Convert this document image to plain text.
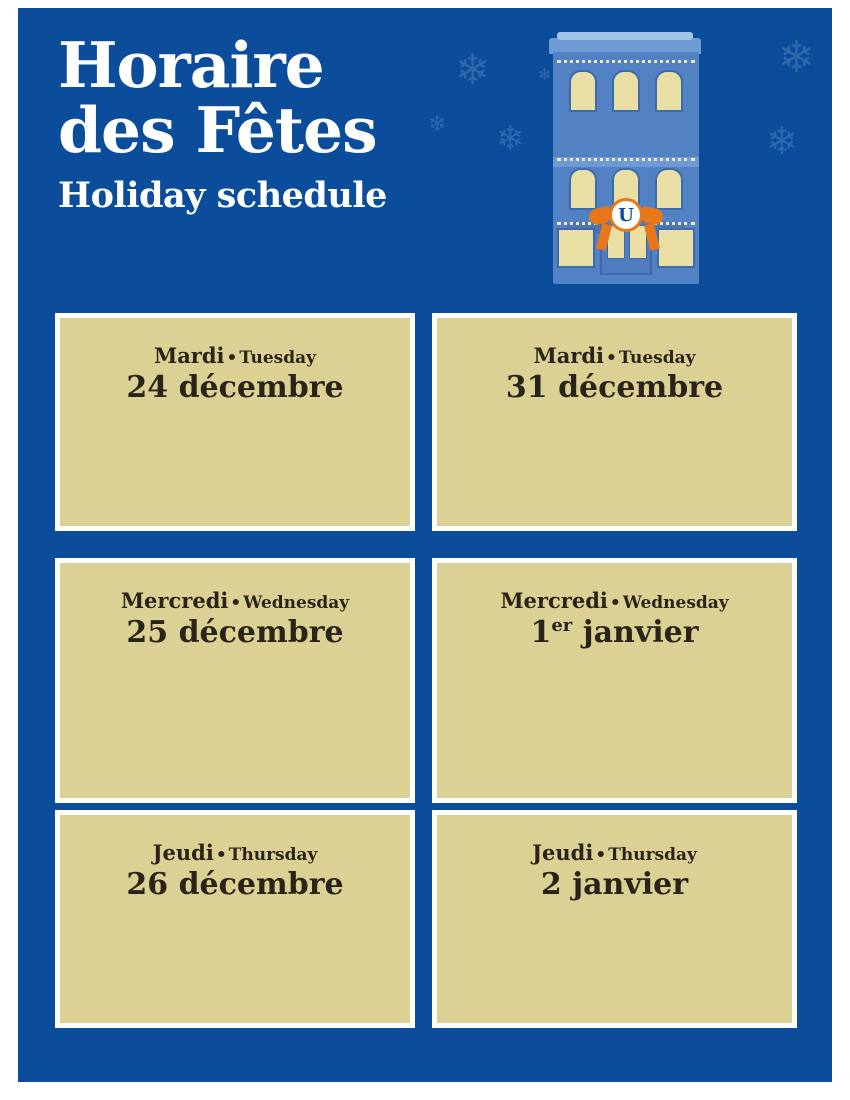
Horaire
des Fêtes
Holiday schedule
❄
❄ ❄
❄
❄
❄
U
Mardi • Tuesday
24 décembre
Mardi • Tuesday
31 décembre
Mercredi • Wednesday
25 décembre
Mercredi • Wednesday
1er janvier
Jeudi • Thursday
26 décembre
Jeudi • Thursday
2 janvier
